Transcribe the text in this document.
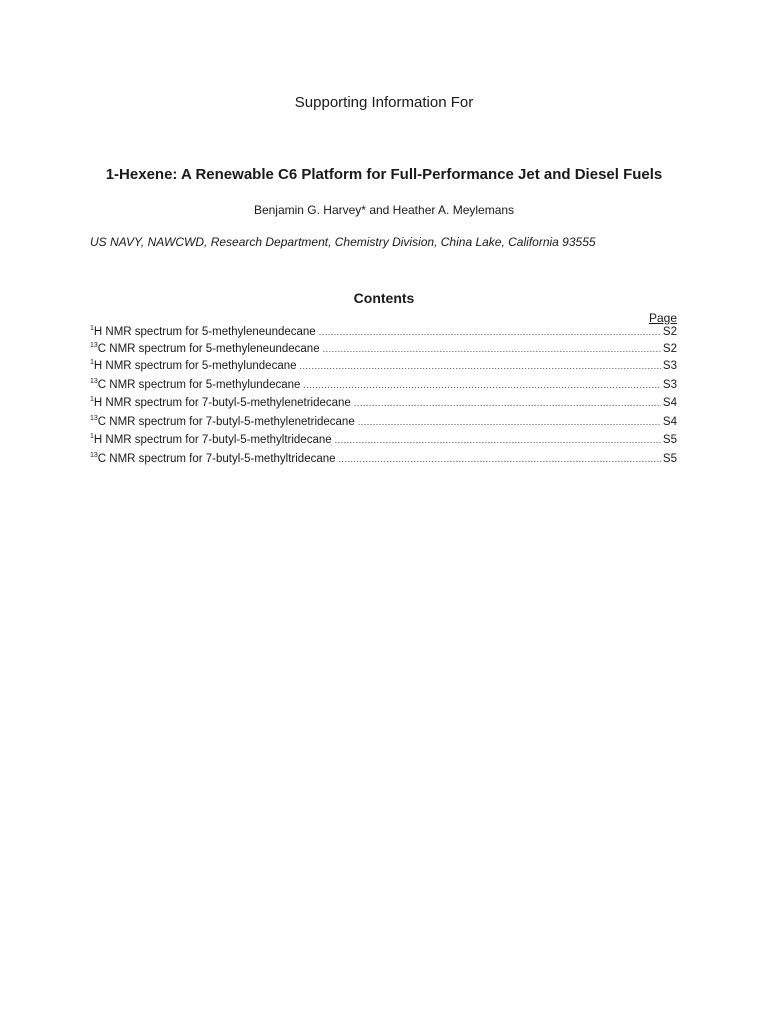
Supporting Information For
1-Hexene: A Renewable C6 Platform for Full-Performance Jet and Diesel Fuels
Benjamin G. Harvey* and Heather A. Meylemans
US NAVY, NAWCWD, Research Department, Chemistry Division, China Lake, California 93555
Contents
Page
$^1$H NMR spectrum for 5-methyleneundecane .....	S2
$^{13}$C NMR spectrum for 5-methyleneundecane .....	S2
$^1$H NMR spectrum for 5-methylundecane .....	S3
$^{13}$C NMR spectrum for 5-methylundecane .....	S3
$^1$H NMR spectrum for 7-butyl-5-methylenetridecane .....	S4
$^{13}$C NMR spectrum for 7-butyl-5-methylenetridecane .....	S4
$^1$H NMR spectrum for 7-butyl-5-methyltridecane .....	S5
$^{13}$C NMR spectrum for 7-butyl-5-methyltridecane .....	S5
